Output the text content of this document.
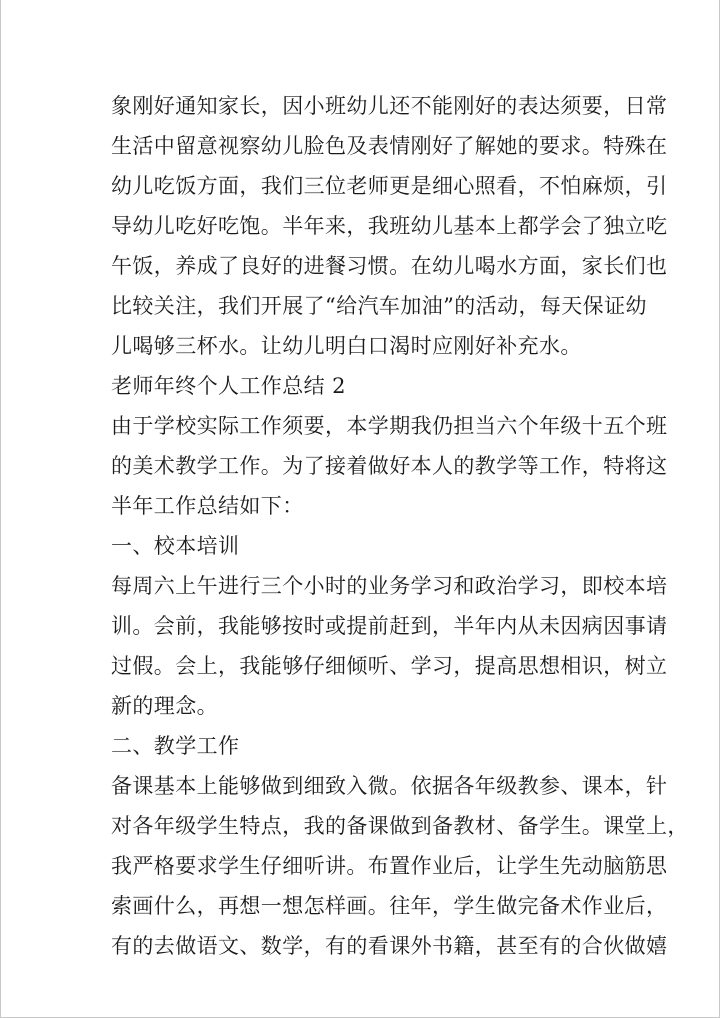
象刚好通知家长，因小班幼儿还不能刚好的表达须要，日常
生活中留意视察幼儿脸色及表情刚好了解她的要求。特殊在
幼儿吃饭方面，我们三位老师更是细心照看，不怕麻烦，引
导幼儿吃好吃饱。半年来，我班幼儿基本上都学会了独立吃
午饭，养成了良好的进餐习惯。在幼儿喝水方面，家长们也
比较关注，我们开展了“给汽车加油”的活动，每天保证幼
儿喝够三杯水。让幼儿明白口渴时应刚好补充水。
老师年终个人工作总结 2
由于学校实际工作须要，本学期我仍担当六个年级十五个班
的美术教学工作。为了接着做好本人的教学等工作，特将这
半年工作总结如下：
一、校本培训
每周六上午进行三个小时的业务学习和政治学习，即校本培
训。会前，我能够按时或提前赶到，半年内从未因病因事请
过假。会上，我能够仔细倾听、学习，提高思想相识，树立
新的理念。
二、教学工作
备课基本上能够做到细致入微。依据各年级教参、课本，针
对各年级学生特点，我的备课做到备教材、备学生。课堂上，
我严格要求学生仔细听讲。布置作业后，让学生先动脑筋思
索画什么，再想一想怎样画。往年，学生做完备术作业后，
有的去做语文、数学，有的看课外书籍，甚至有的合伙做嬉
